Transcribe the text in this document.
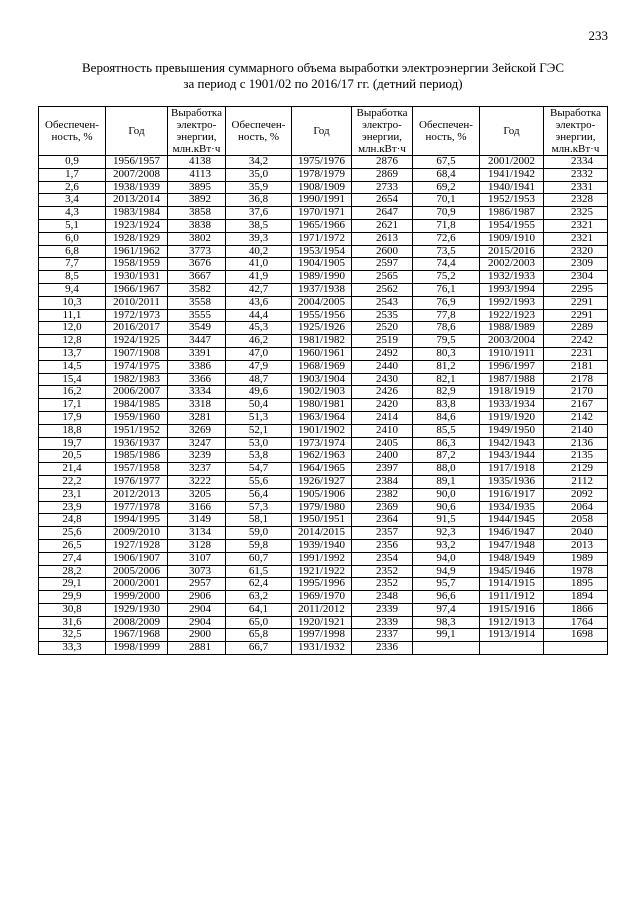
233
Вероятность превышения суммарного объема выработки электроэнергии Зейской ГЭС
за период с 1901/02 по 2016/17 гг. (детний период)
Обеспечен-ность, %	Год	Выработка электро-энергии, млн.кВт·ч	Обеспечен-ность, %	Год	Выработка электро-энергии, млн.кВт·ч	Обеспечен-ность, %	Год	Выработка электро-энергии, млн.кВт·ч
0,9	1956/1957	4138	34,2	1975/1976	2876	67,5	2001/2002	2334
1,7	2007/2008	4113	35,0	1978/1979	2869	68,4	1941/1942	2332
2,6	1938/1939	3895	35,9	1908/1909	2733	69,2	1940/1941	2331
3,4	2013/2014	3892	36,8	1990/1991	2654	70,1	1952/1953	2328
4,3	1983/1984	3858	37,6	1970/1971	2647	70,9	1986/1987	2325
5,1	1923/1924	3838	38,5	1965/1966	2621	71,8	1954/1955	2321
6,0	1928/1929	3802	39,3	1971/1972	2613	72,6	1909/1910	2321
6,8	1961/1962	3773	40,2	1953/1954	2600	73,5	2015/2016	2320
7,7	1958/1959	3676	41,0	1904/1905	2597	74,4	2002/2003	2309
8,5	1930/1931	3667	41,9	1989/1990	2565	75,2	1932/1933	2304
9,4	1966/1967	3582	42,7	1937/1938	2562	76,1	1993/1994	2295
10,3	2010/2011	3558	43,6	2004/2005	2543	76,9	1992/1993	2291
11,1	1972/1973	3555	44,4	1955/1956	2535	77,8	1922/1923	2291
12,0	2016/2017	3549	45,3	1925/1926	2520	78,6	1988/1989	2289
12,8	1924/1925	3447	46,2	1981/1982	2519	79,5	2003/2004	2242
13,7	1907/1908	3391	47,0	1960/1961	2492	80,3	1910/1911	2231
14,5	1974/1975	3386	47,9	1968/1969	2440	81,2	1996/1997	2181
15,4	1982/1983	3366	48,7	1903/1904	2430	82,1	1987/1988	2178
16,2	2006/2007	3334	49,6	1902/1903	2426	82,9	1918/1919	2170
17,1	1984/1985	3318	50,4	1980/1981	2420	83,8	1933/1934	2167
17,9	1959/1960	3281	51,3	1963/1964	2414	84,6	1919/1920	2142
18,8	1951/1952	3269	52,1	1901/1902	2410	85,5	1949/1950	2140
19,7	1936/1937	3247	53,0	1973/1974	2405	86,3	1942/1943	2136
20,5	1985/1986	3239	53,8	1962/1963	2400	87,2	1943/1944	2135
21,4	1957/1958	3237	54,7	1964/1965	2397	88,0	1917/1918	2129
22,2	1976/1977	3222	55,6	1926/1927	2384	89,1	1935/1936	2112
23,1	2012/2013	3205	56,4	1905/1906	2382	90,0	1916/1917	2092
23,9	1977/1978	3166	57,3	1979/1980	2369	90,6	1934/1935	2064
24,8	1994/1995	3149	58,1	1950/1951	2364	91,5	1944/1945	2058
25,6	2009/2010	3134	59,0	2014/2015	2357	92,3	1946/1947	2040
26,5	1927/1928	3128	59,8	1939/1940	2356	93,2	1947/1948	2013
27,4	1906/1907	3107	60,7	1991/1992	2354	94,0	1948/1949	1989
28,2	2005/2006	3073	61,5	1921/1922	2352	94,9	1945/1946	1978
29,1	2000/2001	2957	62,4	1995/1996	2352	95,7	1914/1915	1895
29,9	1999/2000	2906	63,2	1969/1970	2348	96,6	1911/1912	1894
30,8	1929/1930	2904	64,1	2011/2012	2339	97,4	1915/1916	1866
31,6	2008/2009	2904	65,0	1920/1921	2339	98,3	1912/1913	1764
32,5	1967/1968	2900	65,8	1997/1998	2337	99,1	1913/1914	1698
33,3	1998/1999	2881	66,7	1931/1932	2336			
